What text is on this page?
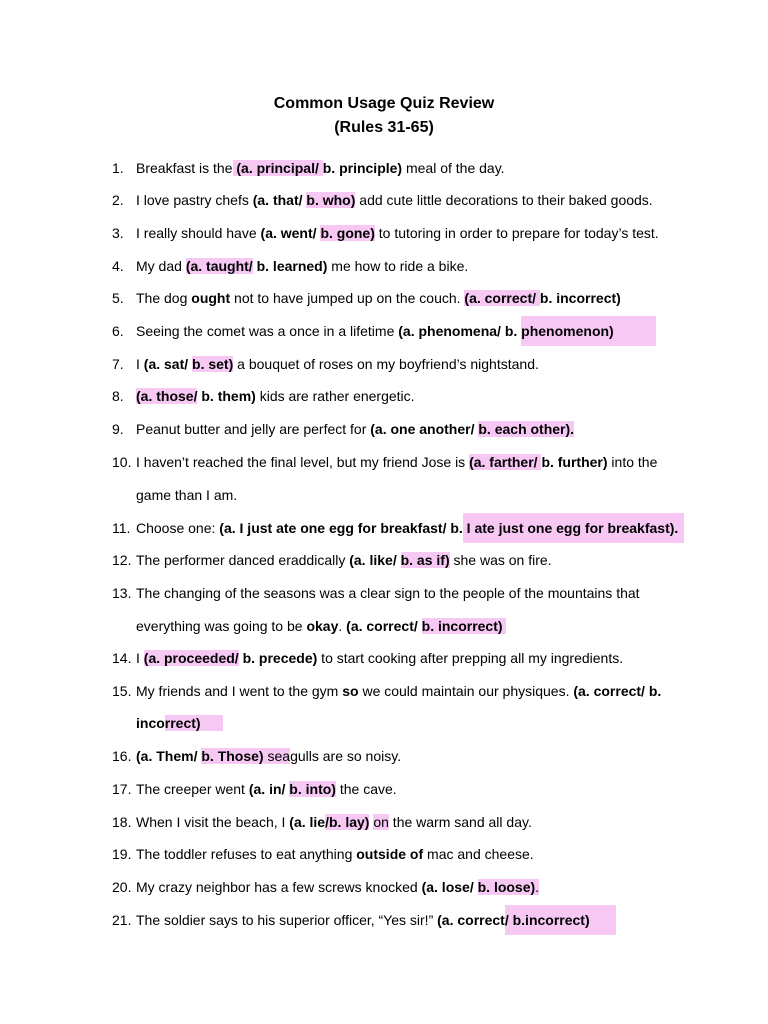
Common Usage Quiz Review
(Rules 31-65)
1. Breakfast is the (a. principal/ b. principle) meal of the day.
2. I love pastry chefs (a. that/ b. who) add cute little decorations to their baked goods.
3. I really should have (a. went/ b. gone) to tutoring in order to prepare for today’s test.
4. My dad (a. taught/ b. learned) me how to ride a bike.
5. The dog ought not to have jumped up on the couch. (a. correct/ b. incorrect)
6. Seeing the comet was a once in a lifetime (a. phenomena/ b. phenomenon)
7. I (a. sat/ b. set) a bouquet of roses on my boyfriend’s nightstand.
8. (a. those/ b. them) kids are rather energetic.
9. Peanut butter and jelly are perfect for (a. one another/ b. each other).
10. I haven’t reached the final level, but my friend Jose is (a. farther/ b. further) into the
game than I am.
11. Choose one: (a. I just ate one egg for breakfast/ b. I ate just one egg for breakfast).
12. The performer danced eraddically (a. like/ b. as if) she was on fire.
13. The changing of the seasons was a clear sign to the people of the mountains that
everything was going to be okay. (a. correct/ b. incorrect)
14. I (a. proceeded/ b. precede) to start cooking after prepping all my ingredients.
15. My friends and I went to the gym so we could maintain our physiques. (a. correct/ b.
incorrect)
16. (a. Them/ b. Those) seagulls are so noisy.
17. The creeper went (a. in/ b. into) the cave.
18. When I visit the beach, I (a. lie/b. lay) on the warm sand all day.
19. The toddler refuses to eat anything outside of mac and cheese.
20. My crazy neighbor has a few screws knocked (a. lose/ b. loose).
21. The soldier says to his superior officer, “Yes sir!” (a. correct/ b.incorrect)
